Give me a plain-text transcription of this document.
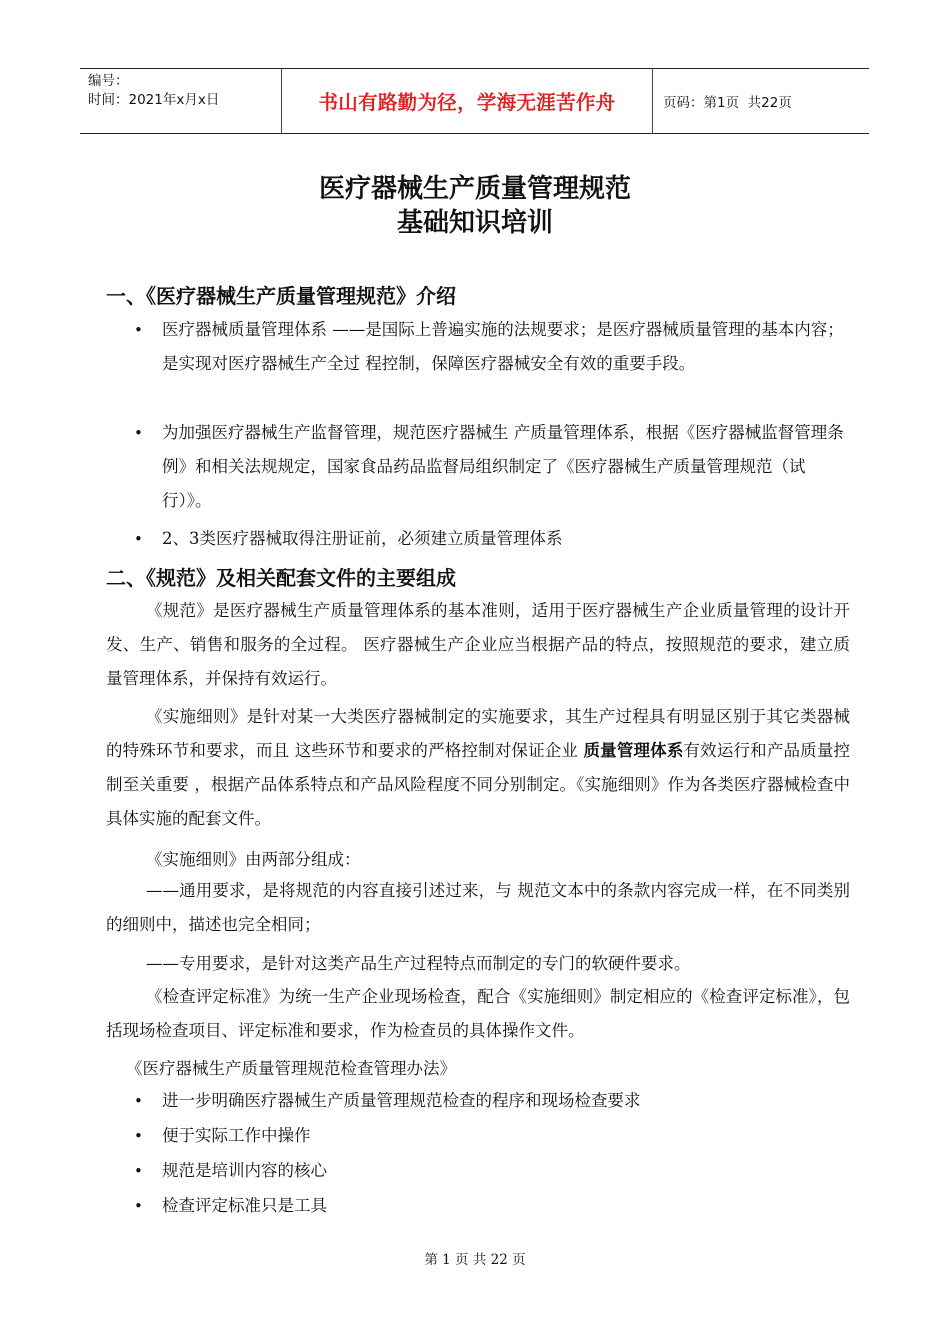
编号：
时间：2021年x月x日	书山有路勤为径，学海无涯苦作舟	页码：第1页  共22页
医疗器械生产质量管理规范
基础知识培训
一、《医疗器械生产质量管理规范》介绍
• 医疗器械质量管理体系 ——是国际上普遍实施的法规要求；是医疗器械质量管理的基本内容；是实现对医疗器械生产全过 程控制，保障医疗器械安全有效的重要手段。
• 为加强医疗器械生产监督管理，规范医疗器械生 产质量管理体系，根据《医疗器械监督管理条例》和相关法规规定，国家食品药品监督局组织制定了《医疗器械生产质量管理规范（试行）》。
• 2、3类医疗器械取得注册证前，必须建立质量管理体系
二、《规范》及相关配套文件的主要组成
《规范》是医疗器械生产质量管理体系的基本准则，适用于医疗器械生产企业质量管理的设计开发、生产、销售和服务的全过程。 医疗器械生产企业应当根据产品的特点，按照规范的要求，建立质量管理体系，并保持有效运行。
《实施细则》是针对某一大类医疗器械制定的实施要求，其生产过程具有明显区别于其它类器械的特殊环节和要求，而且 这些环节和要求的严格控制对保证企业 质量管理体系有效运行和产品质量控制至关重要 ，根据产品体系特点和产品风险程度不同分别制定。《实施细则》作为各类医疗器械检查中具体实施的配套文件。
《实施细则》由两部分组成：
——通用要求，是将规范的内容直接引述过来，与 规范文本中的条款内容完成一样，在不同类别 的细则中，描述也完全相同；
——专用要求，是针对这类产品生产过程特点而制定的专门的软硬件要求。
《检查评定标准》为统一生产企业现场检查，配合《实施细则》制定相应的《检查评定标准》，包括现场检查项目、评定标准和要求，作为检查员的具体操作文件。
《医疗器械生产质量管理规范检查管理办法》
• 进一步明确医疗器械生产质量管理规范检查的程序和现场检查要求
• 便于实际工作中操作
• 规范是培训内容的核心
• 检查评定标准只是工具
第 1 页 共 22 页
